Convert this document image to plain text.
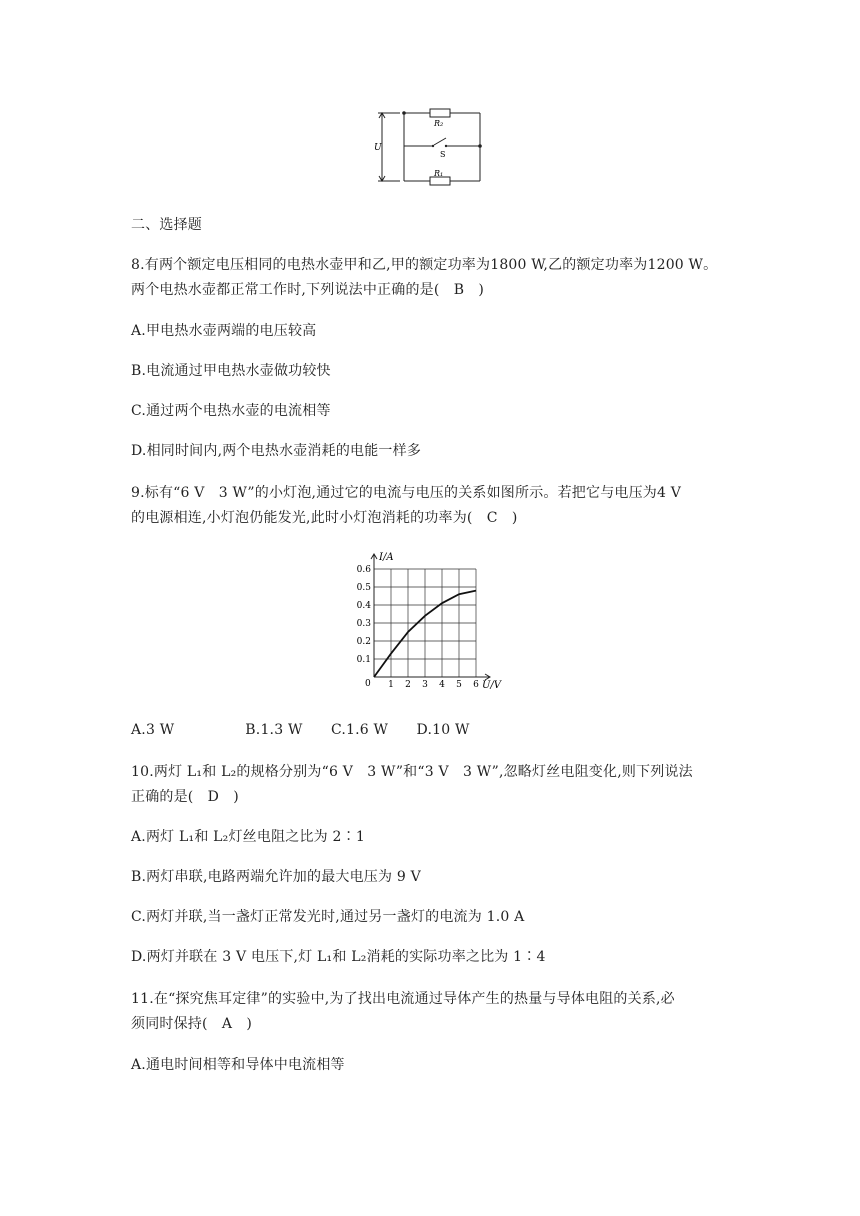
U
R₂
S
R₁
二、选择题
8.有两个额定电压相同的电热水壶甲和乙,甲的额定功率为1800 W,乙的额定功率为1200 W。
两个电热水壶都正常工作时,下列说法中正确的是(　B　)
A.甲电热水壶两端的电压较高
B.电流通过甲电热水壶做功较快
C.通过两个电热水壶的电流相等
D.相同时间内,两个电热水壶消耗的电能一样多
9.标有“6 V　3 W”的小灯泡,通过它的电流与电压的关系如图所示。若把它与电压为4 V
的电源相连,小灯泡仍能发光,此时小灯泡消耗的功率为(　C　)
0.1
0.2
0.3
0.4
0.5
0.6
1 2 3 4 5 6
I/A
U/V
0
A.3 W　　　　　B.1.3 W　　C.1.6 W　　D.10 W
10.两灯 L₁和 L₂的规格分别为“6 V　3 W”和“3 V　3 W”,忽略灯丝电阻变化,则下列说法
正确的是(　D　)
A.两灯 L₁和 L₂灯丝电阻之比为 2∶1
B.两灯串联,电路两端允许加的最大电压为 9 V
C.两灯并联,当一盏灯正常发光时,通过另一盏灯的电流为 1.0 A
D.两灯并联在 3 V 电压下,灯 L₁和 L₂消耗的实际功率之比为 1∶4
11.在“探究焦耳定律”的实验中,为了找出电流通过导体产生的热量与导体电阻的关系,必
须同时保持(　A　)
A.通电时间相等和导体中电流相等
